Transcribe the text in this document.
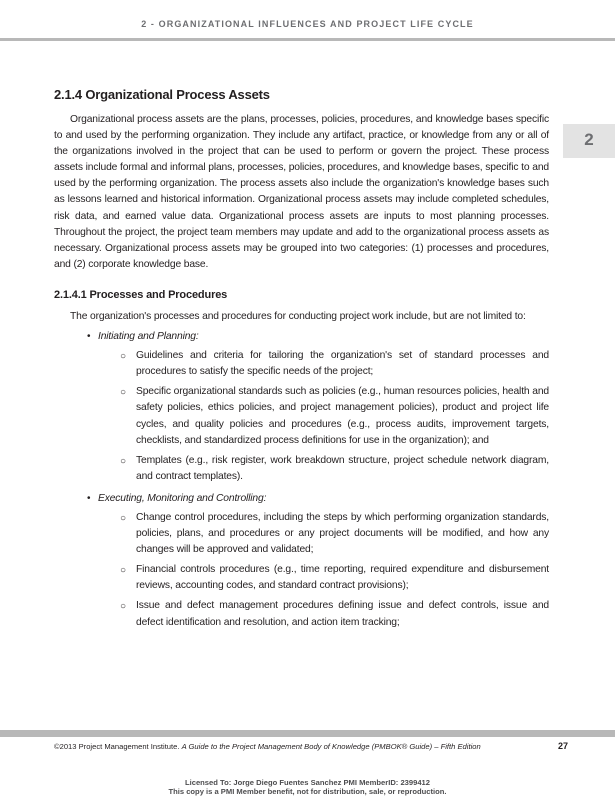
2 - ORGANIZATIONAL INFLUENCES AND PROJECT LIFE CYCLE
2
2.1.4 Organizational Process Assets

Organizational process assets are the plans, processes, policies, procedures, and knowledge bases specific to and used by the performing organization. They include any artifact, practice, or knowledge from any or all of the organizations involved in the project that can be used to perform or govern the project. These process assets include formal and informal plans, processes, policies, procedures, and knowledge bases, specific to and used by the performing organization. The process assets also include the organization's knowledge bases such as lessons learned and historical information. Organizational process assets may include completed schedules, risk data, and earned value data. Organizational process assets are inputs to most planning processes. Throughout the project, the project team members may update and add to the organizational process assets as necessary. Organizational process assets may be grouped into two categories: (1) processes and procedures, and (2) corporate knowledge base.

2.1.4.1 Processes and Procedures

The organization's processes and procedures for conducting project work include, but are not limited to:

• Initiating and Planning:
○ Guidelines and criteria for tailoring the organization's set of standard processes and procedures to satisfy the specific needs of the project;
○ Specific organizational standards such as policies (e.g., human resources policies, health and safety policies, ethics policies, and project management policies), product and project life cycles, and quality policies and procedures (e.g., process audits, improvement targets, checklists, and standardized process definitions for use in the organization); and
○ Templates (e.g., risk register, work breakdown structure, project schedule network diagram, and contract templates).
• Executing, Monitoring and Controlling:
○ Change control procedures, including the steps by which performing organization standards, policies, plans, and procedures or any project documents will be modified, and how any changes will be approved and validated;
○ Financial controls procedures (e.g., time reporting, required expenditure and disbursement reviews, accounting codes, and standard contract provisions);
○ Issue and defect management procedures defining issue and defect controls, issue and defect identification and resolution, and action item tracking;
©2013 Project Management Institute. A Guide to the Project Management Body of Knowledge (PMBOK® Guide) – Fifth Edition	27
Licensed To: Jorge Diego Fuentes Sanchez PMI MemberID: 2399412
This copy is a PMI Member benefit, not for distribution, sale, or reproduction.
